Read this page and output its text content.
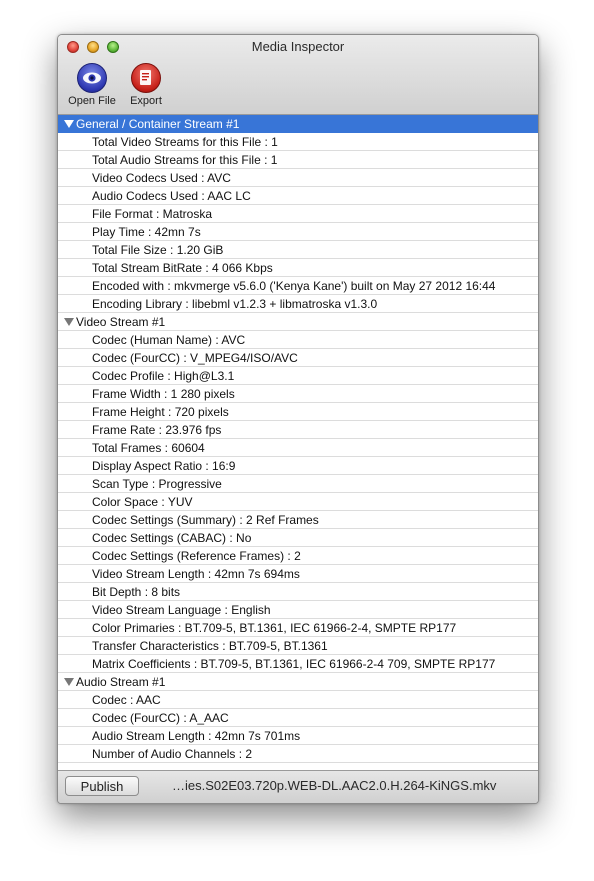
Media Inspector
Open File	Export
General / Container Stream #1
Total Video Streams for this File : 1
Total Audio Streams for this File : 1
Video Codecs Used : AVC
Audio Codecs Used : AAC LC
File Format : Matroska
Play Time : 42mn 7s
Total File Size : 1.20 GiB
Total Stream BitRate : 4 066 Kbps
Encoded with : mkvmerge v5.6.0 ('Kenya Kane') built on May 27 2012 16:44
Encoding Library : libebml v1.2.3 + libmatroska v1.3.0
Video Stream #1
Codec (Human Name) : AVC
Codec (FourCC) : V_MPEG4/ISO/AVC
Codec Profile : High@L3.1
Frame Width : 1 280 pixels
Frame Height : 720 pixels
Frame Rate : 23.976 fps
Total Frames : 60604
Display Aspect Ratio : 16:9
Scan Type : Progressive
Color Space : YUV
Codec Settings (Summary) : 2 Ref Frames
Codec Settings (CABAC) : No
Codec Settings (Reference Frames) : 2
Video Stream Length : 42mn 7s 694ms
Bit Depth : 8 bits
Video Stream Language : English
Color Primaries : BT.709-5, BT.1361, IEC 61966-2-4, SMPTE RP177
Transfer Characteristics : BT.709-5, BT.1361
Matrix Coefficients : BT.709-5, BT.1361, IEC 61966-2-4 709, SMPTE RP177
Audio Stream #1
Codec : AAC
Codec (FourCC) : A_AAC
Audio Stream Length : 42mn 7s 701ms
Number of Audio Channels : 2
Publish	…ies.S02E03.720p.WEB-DL.AAC2.0.H.264-KiNGS.mkv
